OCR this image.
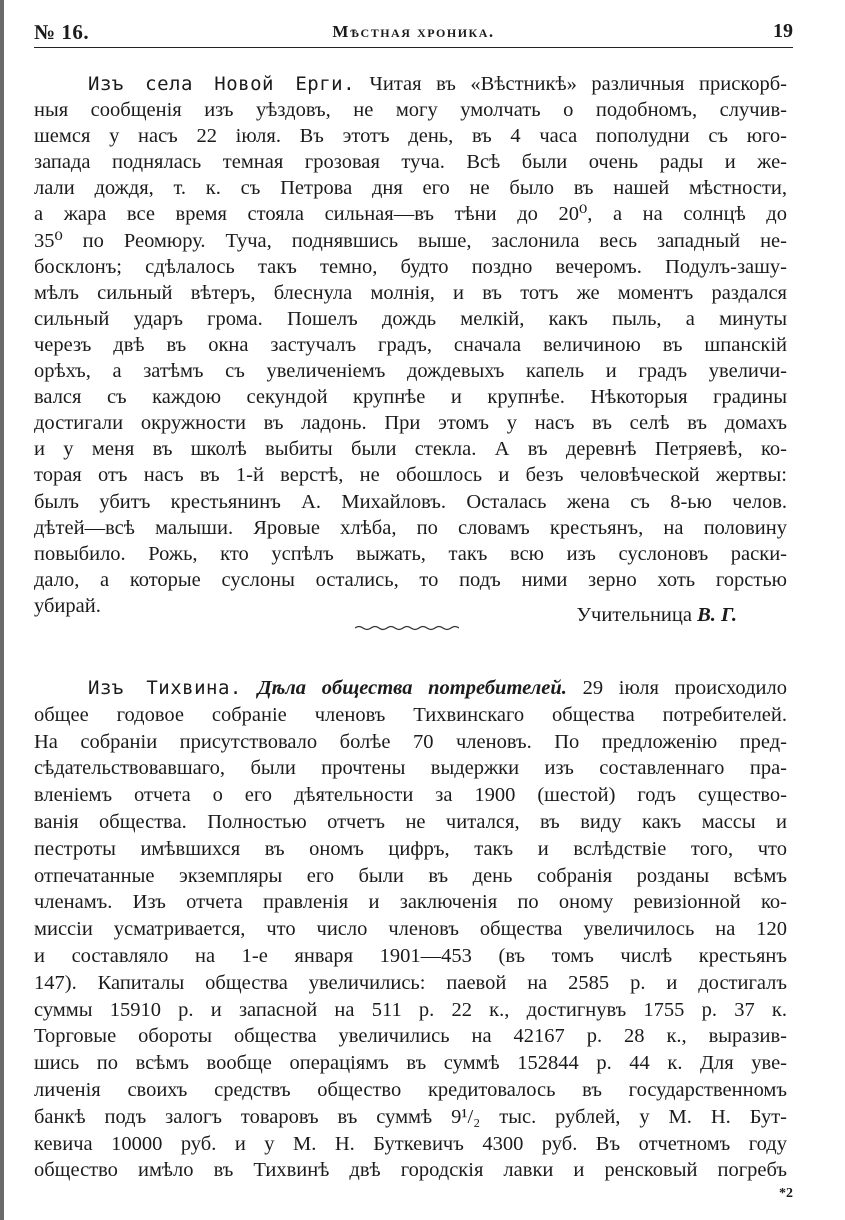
№ 16.	Мѣстная хроника.	19
Изъ села Новой Ерги. Читая въ «Вѣстникѣ» различныя прискорб-
ныя сообщенія изъ уѣздовъ, не могу умолчать о подобномъ, случив-
шемся у насъ 22 іюля. Въ этотъ день, въ 4 часа пополудни съ юго-
запада поднялась темная грозовая туча. Всѣ были очень рады и же-
лали дождя, т. к. съ Петрова дня его не было въ нашей мѣстности,
а жара все время стояла сильная—въ тѣни до 20⁰, а на солнцѣ до
35⁰ по Реомюру. Туча, поднявшись выше, заслонила весь западный не-
босклонъ; сдѣлалось такъ темно, будто поздно вечеромъ. Подулъ-зашу-
мѣлъ сильный вѣтеръ, блеснула молнія, и въ тотъ же моментъ раздался
сильный ударъ грома. Пошелъ дождь мелкій, какъ пыль, а минуты
черезъ двѣ въ окна застучалъ градъ, сначала величиною въ шпанскій
орѣхъ, а затѣмъ съ увеличеніемъ дождевыхъ капель и градъ увеличи-
вался съ каждою секундой крупнѣе и крупнѣе. Нѣкоторыя градины
достигали окружности въ ладонь. При этомъ у насъ въ селѣ въ домахъ
и у меня въ школѣ выбиты были стекла. А въ деревнѣ Петряевѣ, ко-
торая отъ насъ въ 1-й верстѣ, не обошлось и безъ человѣческой жертвы:
былъ убитъ крестьянинъ А. Михайловъ. Осталась жена съ 8-ью челов.
дѣтей—всѣ малыши. Яровые хлѣба, по словамъ крестьянъ, на половину
повыбило. Рожь, кто успѣлъ выжать, такъ всю изъ суслоновъ раски-
дало, а которые суслоны остались, то подъ ними зерно хоть горстью
убирай.	Учительница В. Г.
Изъ Тихвина. Дѣла общества потребителей. 29 іюля происходило
общее годовое собраніе членовъ Тихвинскаго общества потребителей.
На собраніи присутствовало болѣе 70 членовъ. По предложенію пред-
сѣдательствовавшаго, были прочтены выдержки изъ составленнаго пра-
вленіемъ отчета о его дѣятельности за 1900 (шестой) годъ существо-
ванія общества. Полностью отчетъ не читался, въ виду какъ массы и
пестроты имѣвшихся въ ономъ цифръ, такъ и вслѣдствіе того, что
отпечатанные экземпляры его были въ день собранія розданы всѣмъ
членамъ. Изъ отчета правленія и заключенія по оному ревизіонной ко-
миссіи усматривается, что число членовъ общества увеличилось на 120
и составляло на 1-е января 1901—453 (въ томъ числѣ крестьянъ
147). Капиталы общества увеличились: паевой на 2585 р. и достигалъ
суммы 15910 р. и запасной на 511 р. 22 к., достигнувъ 1755 р. 37 к.
Торговые обороты общества увеличились на 42167 р. 28 к., выразив-
шись по всѣмъ вообще операціямъ въ суммѣ 152844 р. 44 к. Для уве-
личенія своихъ средствъ общество кредитовалось въ государственномъ
банкѣ подъ залогъ товаровъ въ суммѣ 9¹/₂ тыс. рублей, у М. Н. Бут-
кевича 10000 руб. и у М. Н. Буткевичъ 4300 руб. Въ отчетномъ году
общество имѣло въ Тихвинѣ двѣ городскія лавки и ренсковый погребъ
*2
